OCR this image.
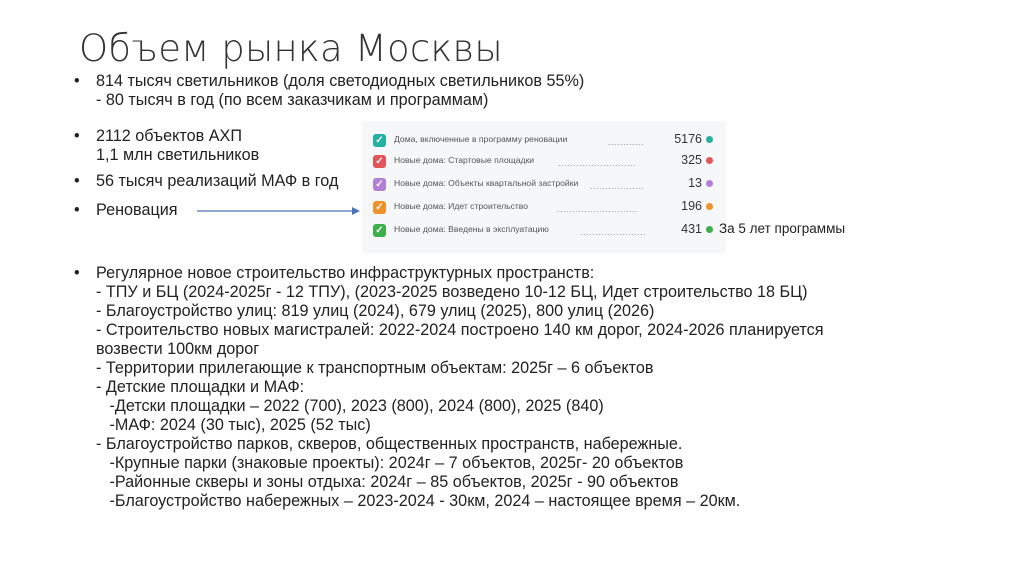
Объем рынка Москвы
•	814 тысяч светильников (доля светодиодных светильников 55%)
- 80 тысяч в год (по всем заказчикам и программам)
•	2112 объектов АХП
1,1 млн светильников
•	56 тысяч реализаций МАФ в год
•	Реновация
✓ Дома, включенные в программу реновации	............ 5176
✓ Новые дома: Стартовые площадки	..........................	325
✓ Новые дома: Объекты квартальной застройки ..................	13
✓ Новые дома: Идет строительство	...........................	196
✓ Новые дома: Введены в эксплуатацию	......................	431 За 5 лет программы
•	Регулярное новое строительство инфраструктурных пространств:
- ТПУ и БЦ (2024-2025г - 12 ТПУ), (2023-2025 возведено 10-12 БЦ, Идет строительство 18 БЦ)
- Благоустройство улиц: 819 улиц (2024), 679 улиц (2025), 800 улиц (2026)
- Строительство новых магистралей: 2022-2024 построено 140 км дорог, 2024-2026 планируется
возвести 100км дорог
- Территории прилегающие к транспортным объектам: 2025г – 6 объектов
- Детские площадки и МАФ:
-Детски площадки – 2022 (700), 2023 (800), 2024 (800), 2025 (840)
-МАФ: 2024 (30 тыс), 2025 (52 тыс)
- Благоустройство парков, скверов, общественных пространств, набережные.
-Крупные парки (знаковые проекты): 2024г – 7 объектов, 2025г- 20 объектов
-Районные скверы и зоны отдыха: 2024г – 85 объектов, 2025г - 90 объектов
-Благоустройство набережных – 2023-2024 - 30км, 2024 – настоящее время – 20км.
